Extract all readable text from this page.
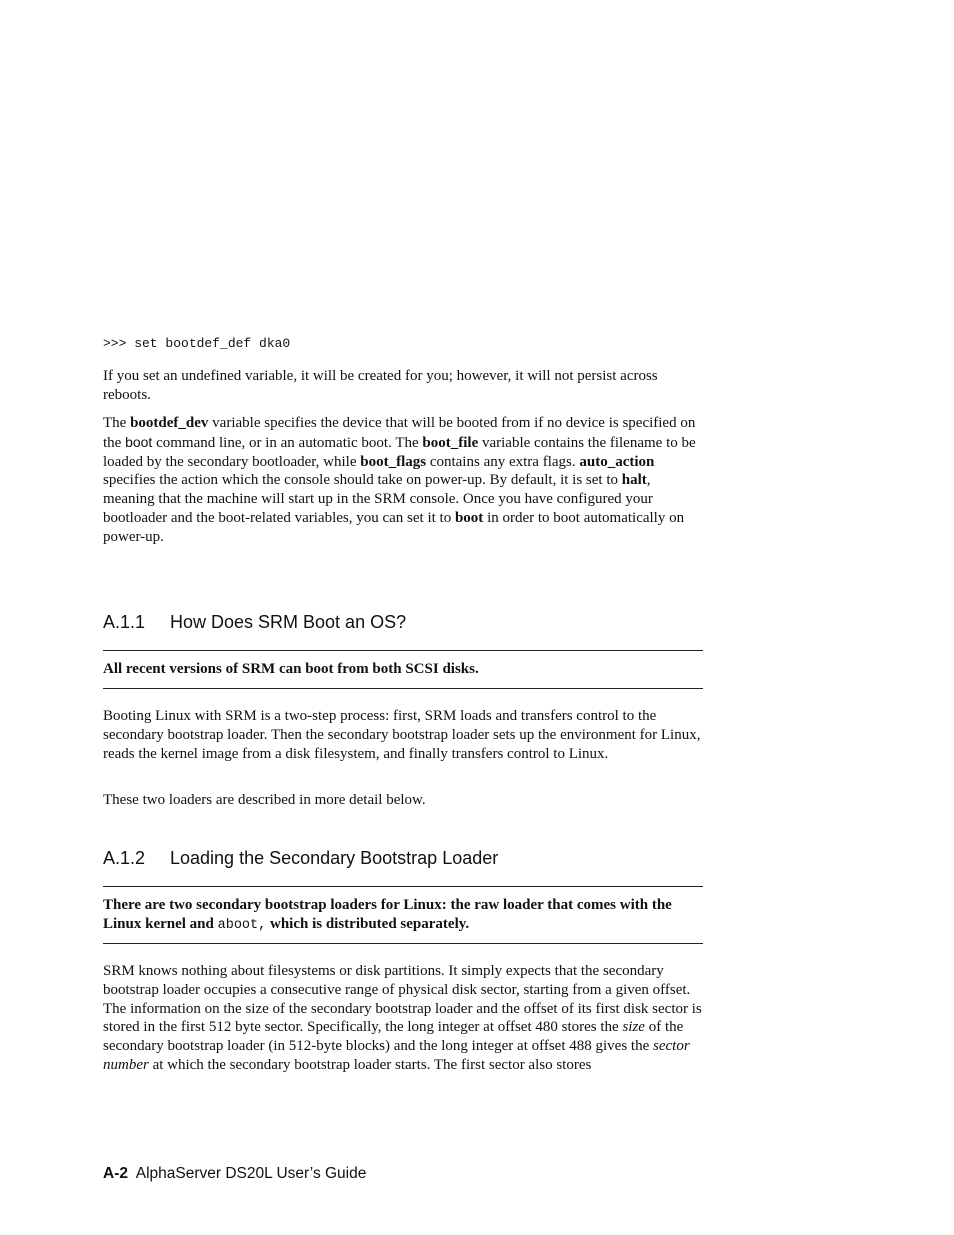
>>> set bootdef_def dka0

If you set an undefined variable, it will be created for you; however, it will not persist across reboots.

The bootdef_dev variable specifies the device that will be booted from if no device is specified on the boot command line, or in an automatic boot. The boot_file variable contains the filename to be loaded by the secondary bootloader, while boot_flags contains any extra flags. auto_action specifies the action which the console should take on power-up. By default, it is set to halt, meaning that the machine will start up in the SRM console. Once you have configured your bootloader and the boot-related variables, you can set it to boot in order to boot automatically on power-up.

A.1.1 How Does SRM Boot an OS?

All recent versions of SRM can boot from both SCSI disks.

Booting Linux with SRM is a two-step process: first, SRM loads and transfers control to the secondary bootstrap loader. Then the secondary bootstrap loader sets up the environment for Linux, reads the kernel image from a disk filesystem, and finally transfers control to Linux.

These two loaders are described in more detail below.

A.1.2 Loading the Secondary Bootstrap Loader

There are two secondary bootstrap loaders for Linux: the raw loader that comes with the Linux kernel and aboot, which is distributed separately.

SRM knows nothing about filesystems or disk partitions. It simply expects that the secondary bootstrap loader occupies a consecutive range of physical disk sector, starting from a given offset. The information on the size of the secondary bootstrap loader and the offset of its first disk sector is stored in the first 512 byte sector. Specifically, the long integer at offset 480 stores the size of the secondary bootstrap loader (in 512-byte blocks) and the long integer at offset 488 gives the sector number at which the secondary bootstrap loader starts. The first sector also stores

A-2 AlphaServer DS20L User’s Guide
